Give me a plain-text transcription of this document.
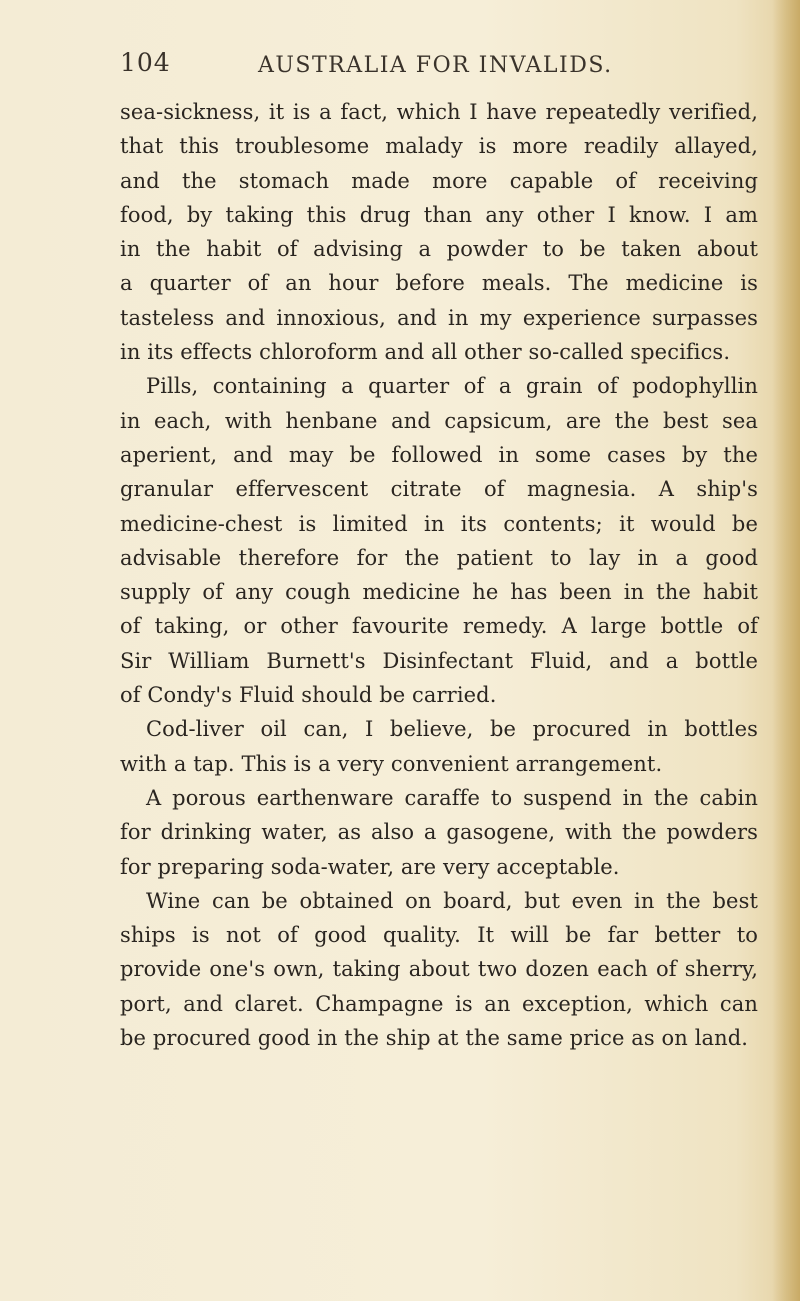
104	AUSTRALIA FOR INVALIDS.
sea-sickness, it is a fact, which I have repeatedly verified,
that this troublesome malady is more readily allayed,
and the stomach made more capable of receiving
food, by taking this drug than any other I know. I am
in the habit of advising a powder to be taken about
a quarter of an hour before meals. The medicine is
tasteless and innoxious, and in my experience surpasses
in its effects chloroform and all other so-called specifics.
Pills, containing a quarter of a grain of podophyllin
in each, with henbane and capsicum, are the best sea
aperient, and may be followed in some cases by the
granular effervescent citrate of magnesia. A ship's
medicine-chest is limited in its contents; it would be
advisable therefore for the patient to lay in a good
supply of any cough medicine he has been in the habit
of taking, or other favourite remedy. A large bottle of
Sir William Burnett's Disinfectant Fluid, and a bottle
of Condy's Fluid should be carried.
Cod-liver oil can, I believe, be procured in bottles
with a tap. This is a very convenient arrangement.
A porous earthenware caraffe to suspend in the cabin
for drinking water, as also a gasogene, with the powders
for preparing soda-water, are very acceptable.
Wine can be obtained on board, but even in the best
ships is not of good quality. It will be far better to
provide one's own, taking about two dozen each of sherry,
port, and claret. Champagne is an exception, which can
be procured good in the ship at the same price as on land.
